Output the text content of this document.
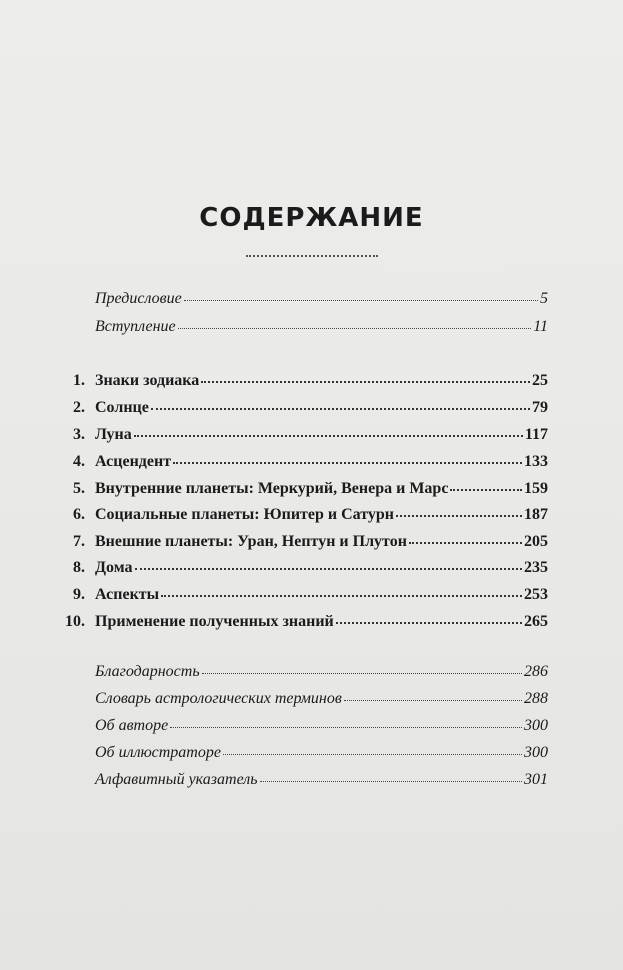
СОДЕРЖАНИЕ
Предисловие	5
Вступление	11
1. Знаки зодиака	25
2. Солнце	79
3. Луна	117
4. Асцендент	133
5. Внутренние планеты: Меркурий, Венера и Марс	159
6. Социальные планеты: Юпитер и Сатурн	187
7. Внешние планеты: Уран, Нептун и Плутон	205
8. Дома	235
9. Аспекты	253
10. Применение полученных знаний	265
Благодарность	286
Словарь астрологических терминов	288
Об авторе	300
Об иллюстраторе	300
Алфавитный указатель	301
